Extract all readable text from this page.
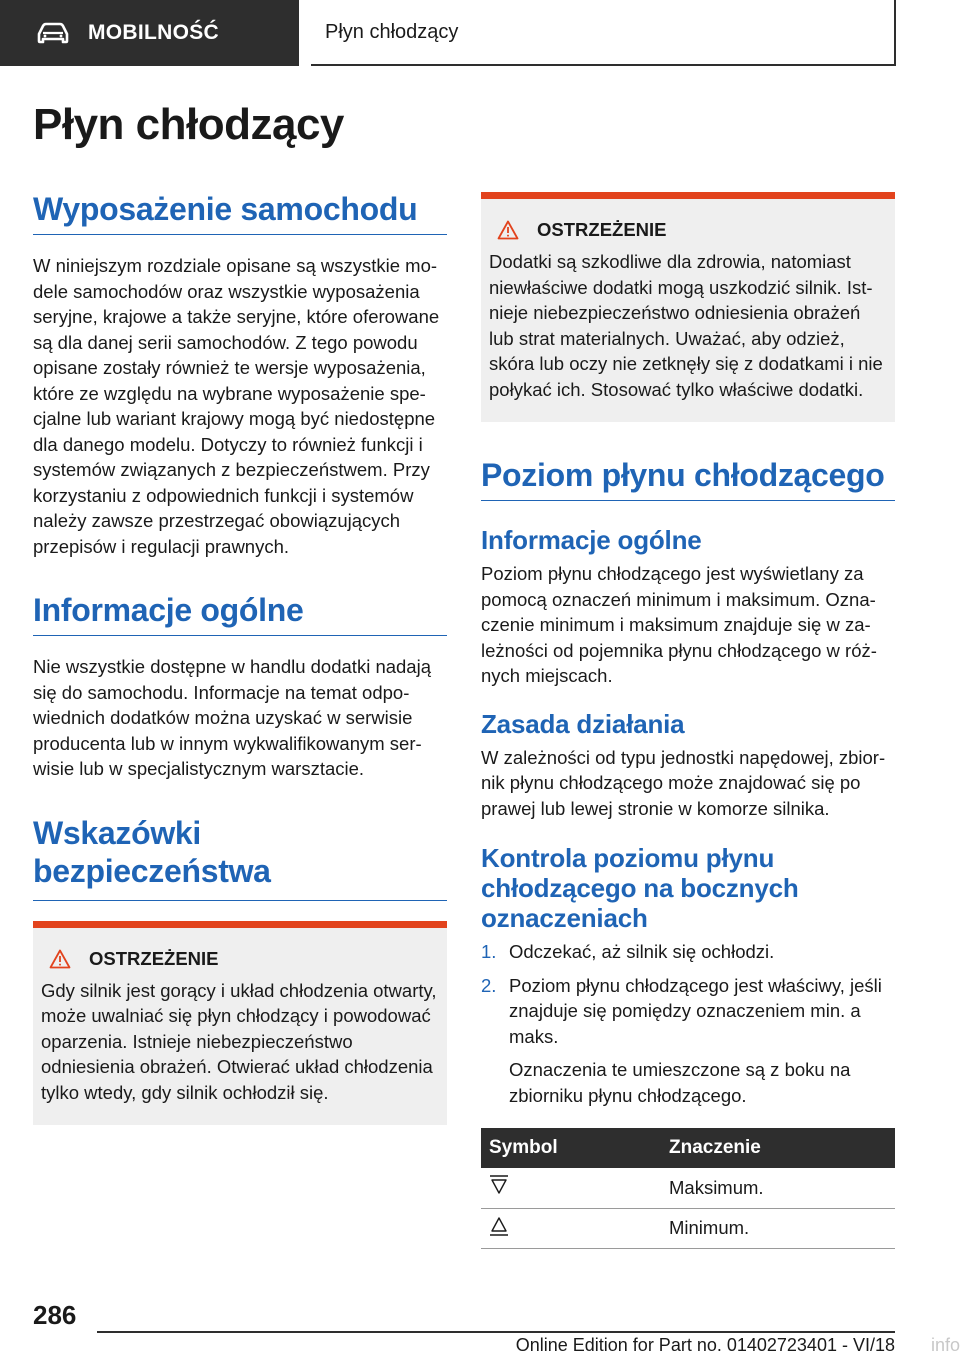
MOBILNOŚĆ	Płyn chłodzący
Płyn chłodzący
Wyposażenie samochodu

W niniejszym rozdziale opisane są wszystkie modele samochodów oraz wszystkie wyposażenia seryjne, krajowe a także seryjne, które oferowane są dla danej serii samochodów. Z tego powodu opisane zostały również te wersje wyposażenia, które ze względu na wybrane wyposażenie specjalne lub wariant krajowy mogą być niedostępne dla danego modelu. Dotyczy to również funkcji i systemów związanych z bezpieczeństwem. Przy korzystaniu z odpowiednich funkcji i systemów należy zawsze przestrzegać obowiązujących przepisów i regulacji prawnych.

Informacje ogólne

Nie wszystkie dostępne w handlu dodatki nadają się do samochodu. Informacje na temat odpowiednich dodatków można uzyskać w serwisie producenta lub w innym wykwalifikowanym serwisie lub w specjalistycznym warsztacie.

Wskazówki bezpieczeństwa
OSTRZEŻENIE

Gdy silnik jest gorący i układ chłodzenia otwarty, może uwalniać się płyn chłodzący i powodować oparzenia. Istnieje niebezpieczeństwo odniesienia obrażeń. Otwierać układ chłodzenia tylko wtedy, gdy silnik ochłodził się.

OSTRZEŻENIE

Dodatki są szkodliwe dla zdrowia, natomiast niewłaściwe dodatki mogą uszkodzić silnik. Istnieje niebezpieczeństwo odniesienia obrażeń lub strat materialnych. Uważać, aby odzież, skóra lub oczy nie zetknęły się z dodatkami i nie połykać ich. Stosować tylko właściwe dodatki.

Poziom płynu chłodzącego
Informacje ogólne

Poziom płynu chłodzącego jest wyświetlany za pomocą oznaczeń minimum i maksimum. Oznaczenie minimum i maksimum znajduje się w zależności od pojemnika płynu chłodzącego w różnych miejscach.

Zasada działania

W zależności od typu jednostki napędowej, zbiornik płynu chłodzącego może znajdować się po prawej lub lewej stronie w komorze silnika.

Kontrola poziomu płynu chłodzącego na bocznych oznaczeniach
1. Odczekać, aż silnik się ochłodzi.

2. Poziom płynu chłodzącego jest właściwy, jeśli znajduje się pomiędzy oznaczeniem min. a maks.

Oznaczenia te umieszczone są z boku na zbiorniku płynu chłodzącego.

Symbol	Znaczenie
	Maksimum.
	Minimum.
286
Online Edition for Part no. 01402723401 - VI/18 info
